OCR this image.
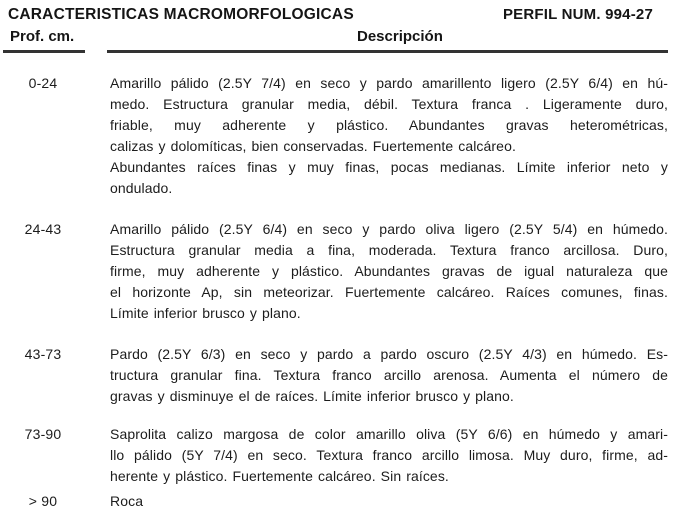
CARACTERISTICAS MACROMORFOLOGICAS	PERFIL NUM. 994-27
Prof. cm.	Descripción
0-24	Amarillo pálido (2.5Y 7/4) en seco y pardo amarillento ligero (2.5Y 6/4) en hú-
medo. Estructura granular media, débil. Textura franca . Ligeramente duro,
friable, muy adherente y plástico. Abundantes gravas heterométricas,
calizas y dolomíticas, bien conservadas. Fuertemente calcáreo.
Abundantes raíces finas y muy finas, pocas medianas. Límite inferior neto y
ondulado.
24-43	Amarillo pálido (2.5Y 6/4) en seco y pardo oliva ligero (2.5Y 5/4) en húmedo.
Estructura granular media a fina, moderada. Textura franco arcillosa. Duro,
firme, muy adherente y plástico. Abundantes gravas de igual naturaleza que
el horizonte Ap, sin meteorizar. Fuertemente calcáreo. Raíces comunes, finas.
Límite inferior brusco y plano.
43-73	Pardo (2.5Y 6/3) en seco y pardo a pardo oscuro (2.5Y 4/3) en húmedo. Es-
tructura granular fina. Textura franco arcillo arenosa. Aumenta el número de
gravas y disminuye el de raíces. Límite inferior brusco y plano.
73-90	Saprolita calizo margosa de color amarillo oliva (5Y 6/6) en húmedo y amari-
llo pálido (5Y 7/4) en seco. Textura franco arcillo limosa. Muy duro, firme, ad-
herente y plástico. Fuertemente calcáreo. Sin raíces.
> 90	Roca
